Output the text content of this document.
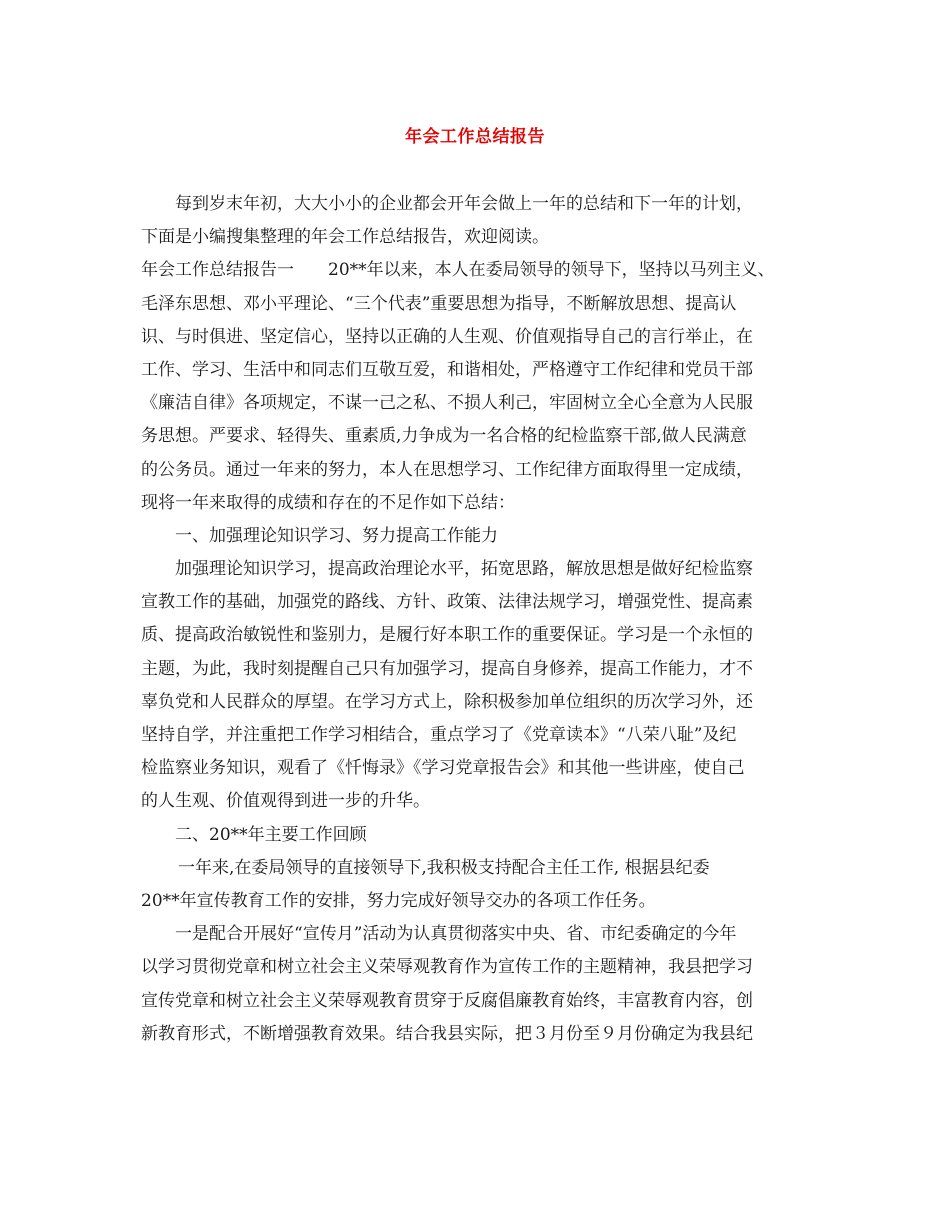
年会工作总结报告
每到岁末年初，大大小小的企业都会开年会做上一年的总结和下一年的计划，
下面是小编搜集整理的年会工作总结报告，欢迎阅读。
年会工作总结报告一　　20**年以来，本人在委局领导的领导下，坚持以马列主义、
毛泽东思想、邓小平理论、“三个代表”重要思想为指导，不断解放思想、提高认
识、与时俱进、坚定信心，坚持以正确的人生观、价值观指导自己的言行举止，在
工作、学习、生活中和同志们互敬互爱，和谐相处，严格遵守工作纪律和党员干部
《廉洁自律》各项规定，不谋一己之私、不损人利己，牢固树立全心全意为人民服
务思想。严要求、轻得失、重素质,力争成为一名合格的纪检监察干部,做人民满意
的公务员。通过一年来的努力，本人在思想学习、工作纪律方面取得里一定成绩，
现将一年来取得的成绩和存在的不足作如下总结：
一、加强理论知识学习、努力提高工作能力
加强理论知识学习，提高政治理论水平，拓宽思路，解放思想是做好纪检监察
宣教工作的基础，加强党的路线、方针、政策、法律法规学习，增强党性、提高素
质、提高政治敏锐性和鉴别力，是履行好本职工作的重要保证。学习是一个永恒的
主题，为此，我时刻提醒自己只有加强学习，提高自身修养，提高工作能力，才不
辜负党和人民群众的厚望。在学习方式上，除积极参加单位组织的历次学习外，还
坚持自学，并注重把工作学习相结合，重点学习了《党章读本》“八荣八耻”及纪
检监察业务知识，观看了《忏悔录》《学习党章报告会》和其他一些讲座，使自己
的人生观、价值观得到进一步的升华。
二、20**年主要工作回顾
一年来,在委局领导的直接领导下,我积极支持配合主任工作, 根据县纪委
20**年宣传教育工作的安排，努力完成好领导交办的各项工作任务。
一是配合开展好“宣传月”活动为认真贯彻落实中央、省、市纪委确定的今年
以学习贯彻党章和树立社会主义荣辱观教育作为宣传工作的主题精神，我县把学习
宣传党章和树立社会主义荣辱观教育贯穿于反腐倡廉教育始终，丰富教育内容，创
新教育形式，不断增强教育效果。结合我县实际，把３月份至９月份确定为我县纪
